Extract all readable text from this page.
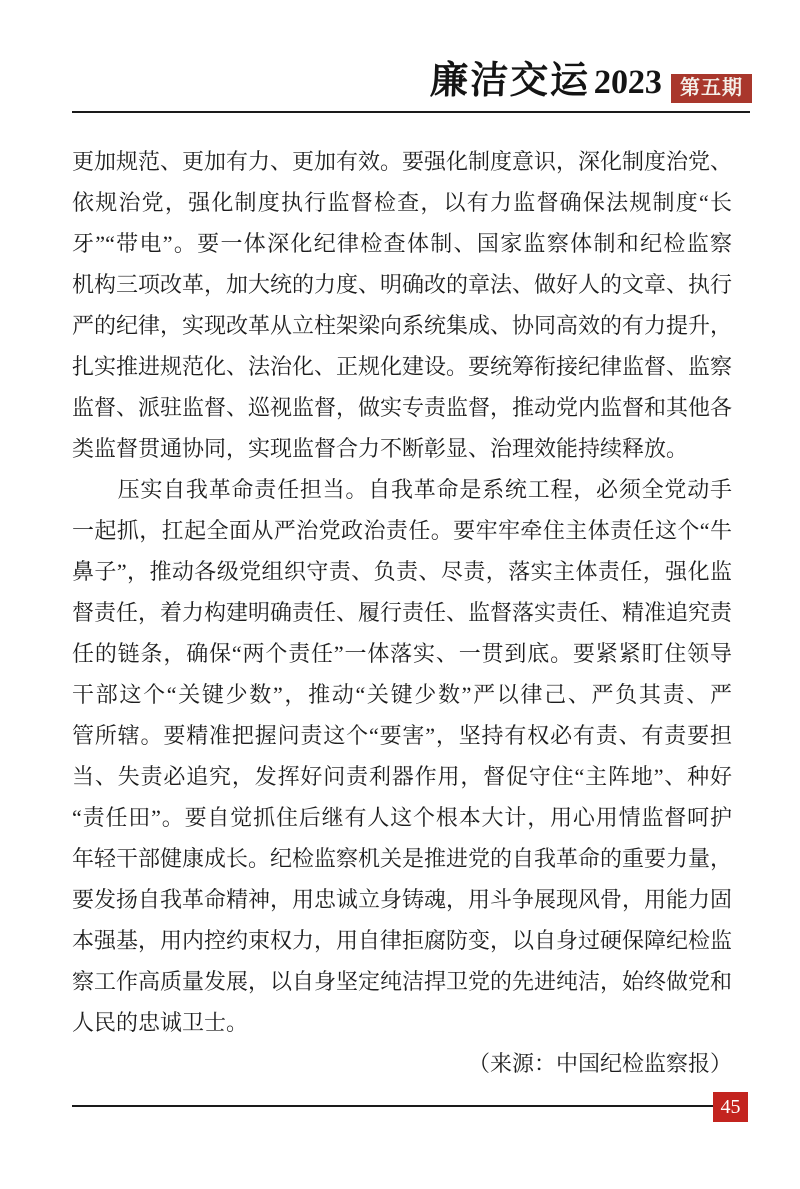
廉洁交运2023 第五期
更加规范、更加有力、更加有效。要强化制度意识，深化制度治党、
依规治党，强化制度执行监督检查，以有力监督确保法规制度“长
牙”“带电”。要一体深化纪律检查体制、国家监察体制和纪检监察
机构三项改革，加大统的力度、明确改的章法、做好人的文章、执行
严的纪律，实现改革从立柱架梁向系统集成、协同高效的有力提升，
扎实推进规范化、法治化、正规化建设。要统筹衔接纪律监督、监察
监督、派驻监督、巡视监督，做实专责监督，推动党内监督和其他各
类监督贯通协同，实现监督合力不断彰显、治理效能持续释放。
　　压实自我革命责任担当。自我革命是系统工程，必须全党动手
一起抓，扛起全面从严治党政治责任。要牢牢牵住主体责任这个“牛
鼻子”，推动各级党组织守责、负责、尽责，落实主体责任，强化监
督责任，着力构建明确责任、履行责任、监督落实责任、精准追究责
任的链条，确保“两个责任”一体落实、一贯到底。要紧紧盯住领导
干部这个“关键少数”，推动“关键少数”严以律己、严负其责、严
管所辖。要精准把握问责这个“要害”，坚持有权必有责、有责要担
当、失责必追究，发挥好问责利器作用，督促守住“主阵地”、种好
“责任田”。要自觉抓住后继有人这个根本大计，用心用情监督呵护
年轻干部健康成长。纪检监察机关是推进党的自我革命的重要力量，
要发扬自我革命精神，用忠诚立身铸魂，用斗争展现风骨，用能力固
本强基，用内控约束权力，用自律拒腐防变，以自身过硬保障纪检监
察工作高质量发展，以自身坚定纯洁捍卫党的先进纯洁，始终做党和
人民的忠诚卫士。
（来源：中国纪检监察报）
45
